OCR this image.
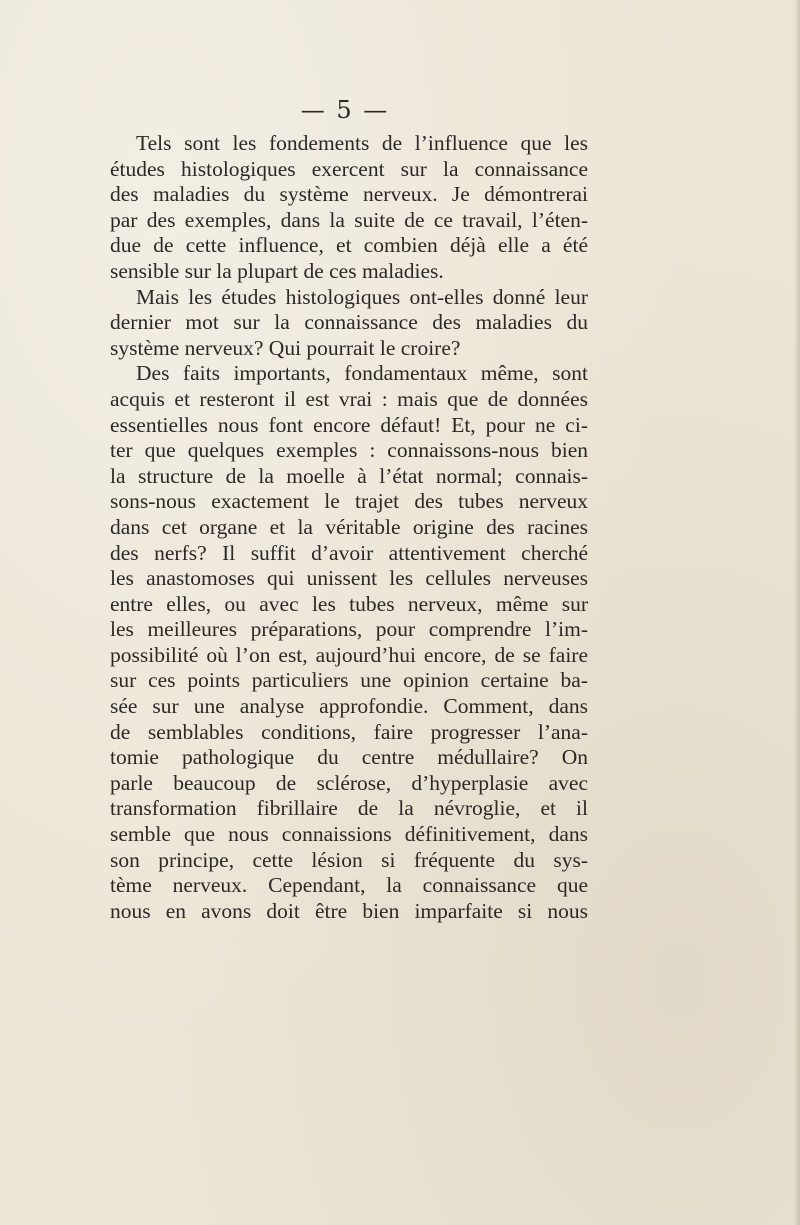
— 5 —
Tels sont les fondements de l’influence que les
études histologiques exercent sur la connaissance
des maladies du système nerveux. Je démontrerai
par des exemples, dans la suite de ce travail, l’éten-
due de cette influence, et combien déjà elle a été
sensible sur la plupart de ces maladies.
Mais les études histologiques ont-elles donné leur
dernier mot sur la connaissance des maladies du
système nerveux? Qui pourrait le croire?
Des faits importants, fondamentaux même, sont
acquis et resteront il est vrai : mais que de données
essentielles nous font encore défaut! Et, pour ne ci-
ter que quelques exemples : connaissons-nous bien
la structure de la moelle à l’état normal; connais-
sons-nous exactement le trajet des tubes nerveux
dans cet organe et la véritable origine des racines
des nerfs? Il suffit d’avoir attentivement cherché
les anastomoses qui unissent les cellules nerveuses
entre elles, ou avec les tubes nerveux, même sur
les meilleures préparations, pour comprendre l’im-
possibilité où l’on est, aujourd’hui encore, de se faire
sur ces points particuliers une opinion certaine ba-
sée sur une analyse approfondie. Comment, dans
de semblables conditions, faire progresser l’ana-
tomie pathologique du centre médullaire? On
parle beaucoup de sclérose, d’hyperplasie avec
transformation fibrillaire de la névroglie, et il
semble que nous connaissions définitivement, dans
son principe, cette lésion si fréquente du sys-
tème nerveux. Cependant, la connaissance que
nous en avons doit être bien imparfaite si nous
